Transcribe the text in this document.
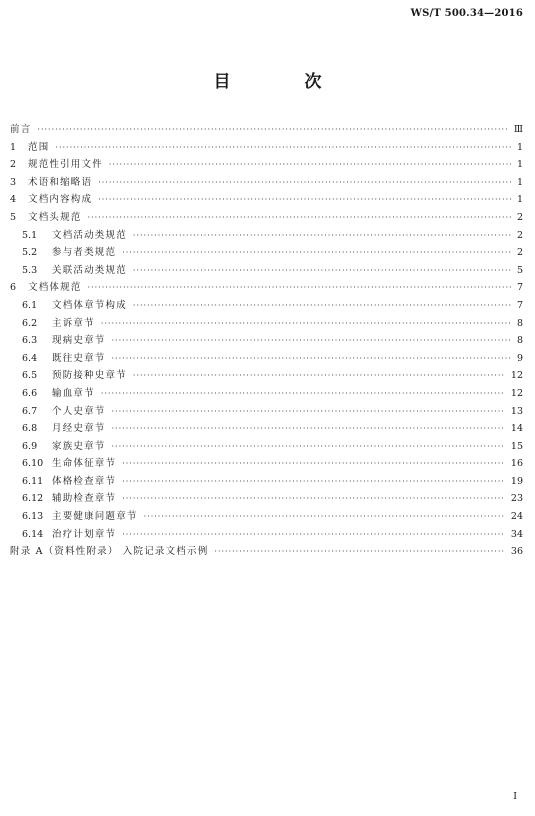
WS/T 500.34—2016
目 次
前言 ·····	Ⅲ
1	范围 ·····	1
2	规范性引用文件 ·····	1
3	术语和缩略语 ·····	1
4	文档内容构成 ·····	1
5	文档头规范 ·····	2
5.1	文档活动类规范 ·····	2
5.2	参与者类规范 ·····	2
5.3	关联活动类规范 ·····	5
6	文档体规范 ·····	7
6.1	文档体章节构成 ·····	7
6.2	主诉章节 ·····	8
6.3	现病史章节 ·····	8
6.4	既往史章节 ·····	9
6.5	预防接种史章节 ·····	12
6.6	输血章节 ·····	12
6.7	个人史章节 ·····	13
6.8	月经史章节 ·····	14
6.9	家族史章节 ·····	15
6.10 生命体征章节 ·····	16
6.11 体格检查章节 ·····	19
6.12 辅助检查章节 ·····	23
6.13 主要健康问题章节 ·····	24
6.14 治疗计划章节 ·····	34
附录 A（资料性附录） 入院记录文档示例 ·····	36
I
